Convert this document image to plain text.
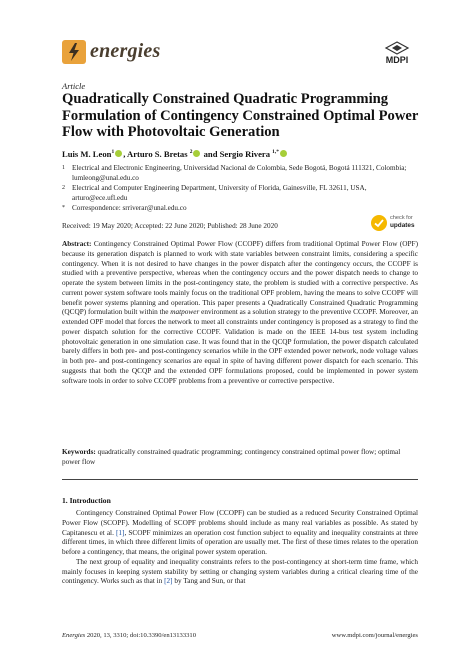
energies	MDPI
Article
Quadratically Constrained Quadratic Programming Formulation of Contingency Constrained Optimal Power Flow with Photovoltaic Generation
Luis M. Leon$^1$ , Arturo S. Bretas $^2$ and Sergio Rivera $^{1,*}$
1 Electrical and Electronic Engineering, Universidad Nacional de Colombia, Sede Bogotá, Bogotá 111321, Colombia; lumleong@unal.edu.co
2 Electrical and Computer Engineering Department, University of Florida, Gainesville, FL 32611, USA, arturo@ece.ufl.edu
* Correspondence: srriverar@unal.edu.co
Received: 19 May 2020; Accepted: 22 June 2020; Published: 28 June 2020
check for
updates
Abstract: Contingency Constrained Optimal Power Flow (CCOPF) differs from traditional Optimal Power Flow (OPF) because its generation dispatch is planned to work with state variables between constraint limits, considering a specific contingency. When it is not desired to have changes in the power dispatch after the contingency occurs, the CCOPF is studied with a preventive perspective, whereas when the contingency occurs and the power dispatch needs to change to operate the system between limits in the post-contingency state, the problem is studied with a corrective perspective. As current power system software tools mainly focus on the traditional OPF problem, having the means to solve CCOPF will benefit power systems planning and operation. This paper presents a Quadratically Constrained Quadratic Programming (QCQP) formulation built within the matpower environment as a solution strategy to the preventive CCOPF. Moreover, an extended OPF model that forces the network to meet all constraints under contingency is proposed as a strategy to find the power dispatch solution for the corrective CCOPF. Validation is made on the IEEE 14-bus test system including photovoltaic generation in one simulation case. It was found that in the QCQP formulation, the power dispatch calculated barely differs in both pre- and post-contingency scenarios while in the OPF extended power network, node voltage values in both pre- and post-contingency scenarios are equal in spite of having different power dispatch for each scenario. This suggests that both the QCQP and the extended OPF formulations proposed, could be implemented in power system software tools in order to solve CCOPF problems from a preventive or corrective perspective.
Keywords: quadratically constrained quadratic programming; contingency constrained optimal power flow; optimal power flow
1. Introduction

Contingency Constrained Optimal Power Flow (CCOPF) can be studied as a reduced Security Constrained Optimal Power Flow (SCOPF). Modelling of SCOPF problems should include as many real variables as possible. As stated by Capitanescu et al. [1], SCOPF minimizes an operation cost function subject to equality and inequality constraints at three different times, in which three different limits of operation are usually met. The first of these times relates to the operation before a contingency, that means, the original power system operation.

The next group of equality and inequality constraints refers to the post-contingency at short-term time frame, which mainly focuses in keeping system stability by setting or changing system variables during a critical clearing time of the contingency. Works such as that in [2] by Tang and Sun, or that

Energies 2020, 13, 3310; doi:10.3390/en13133310	www.mdpi.com/journal/energies
